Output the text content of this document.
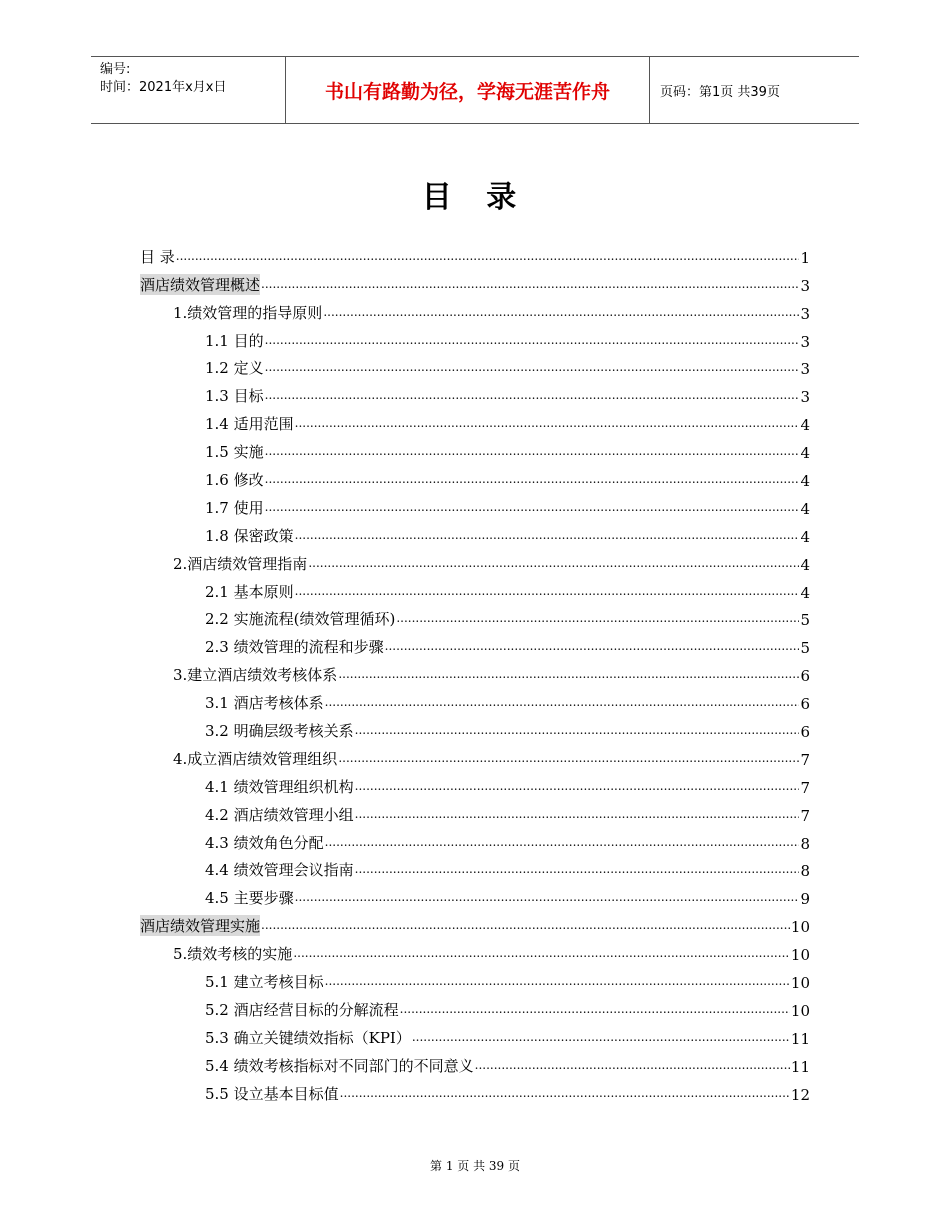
编号:
时间：2021年x月x日	书山有路勤为径，学海无涯苦作舟	页码：第1页 共39页
目 录
目 录 .....	1
酒店绩效管理概述 .....	3
1.绩效管理的指导原则 .....	3
1.1 目的 .....	3
1.2 定义 .....	3
1.3 目标 .....	3
1.4 适用范围 .....	4
1.5 实施 .....	4
1.6 修改 .....	4
1.7 使用 .....	4
1.8 保密政策 .....	4
2.酒店绩效管理指南 .....	4
2.1 基本原则 .....	4
2.2 实施流程(绩效管理循环) .....	5
2.3 绩效管理的流程和步骤 .....	5
3.建立酒店绩效考核体系 .....	6
3.1 酒店考核体系 .....	6
3.2 明确层级考核关系 .....	6
4.成立酒店绩效管理组织 .....	7
4.1 绩效管理组织机构 .....	7
4.2 酒店绩效管理小组 .....	7
4.3 绩效角色分配 .....	8
4.4 绩效管理会议指南 .....	8
4.5 主要步骤 .....	9
酒店绩效管理实施 .....	10
5.绩效考核的实施 .....	10
5.1 建立考核目标 .....	10
5.2 酒店经营目标的分解流程 .....	10
5.3 确立关键绩效指标（KPI） .....	11
5.4 绩效考核指标对不同部门的不同意义 .....	11
5.5 设立基本目标值 .....	12
第 1 页 共 39 页
